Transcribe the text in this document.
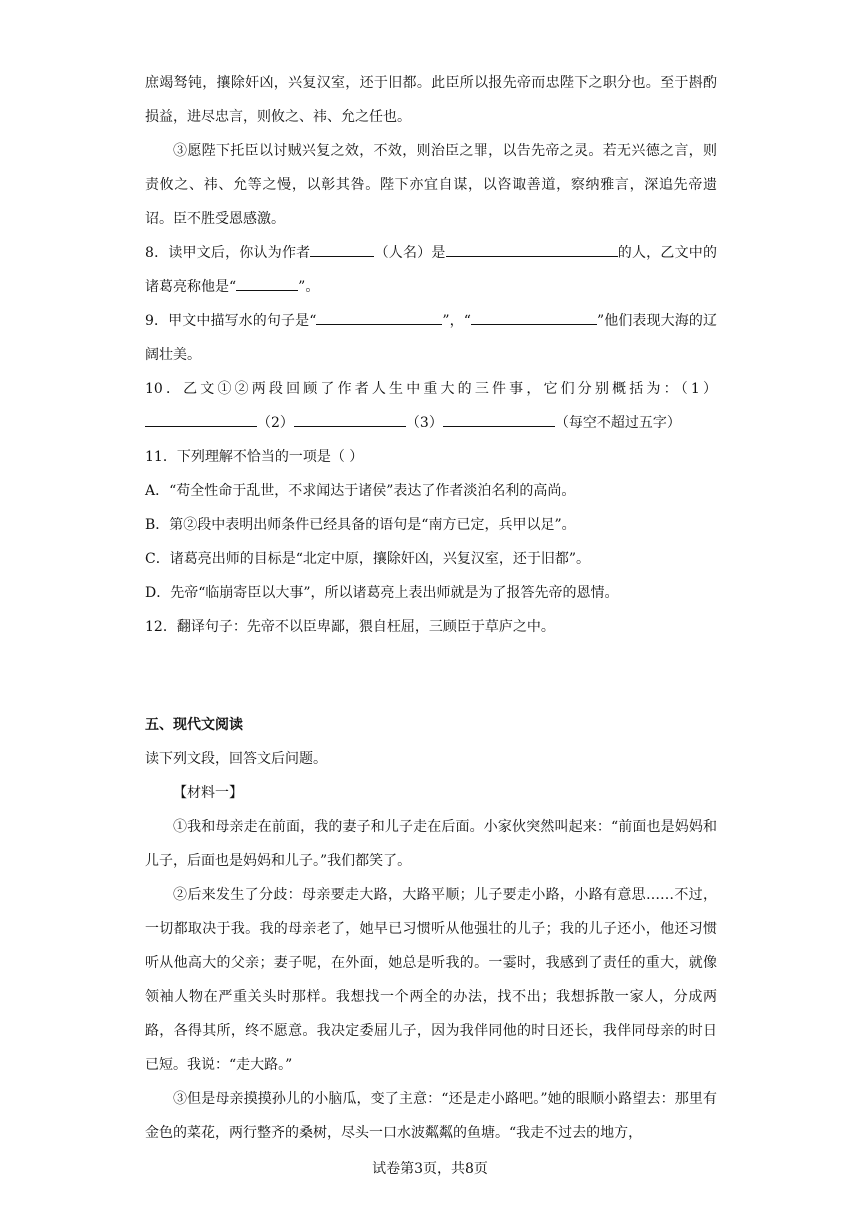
庶竭驽钝，攘除奸凶，兴复汉室，还于旧都。此臣所以报先帝而忠陛下之职分也。至于斟酌损益，进尽忠言，则攸之、祎、允之任也。

③愿陛下托臣以讨贼兴复之效，不效，则治臣之罪，以告先帝之灵。若无兴德之言，则责攸之、祎、允等之慢，以彰其咎。陛下亦宜自谋，以咨诹善道，察纳雅言，深追先帝遗诏。臣不胜受恩感激。

8．读甲文后，你认为作者	（人名）是	的人，乙文中的诸葛亮称他是“	”。

9．甲文中描写水的句子是“	”，“	”他们表现大海的辽阔壮美。

10．乙文①②两段回顾了作者人生中重大的三件事，它们分别概括为：（1）（2）	（3）	（每空不超过五字）

11．下列理解不恰当的一项是（ ）

A．“苟全性命于乱世，不求闻达于诸侯”表达了作者淡泊名利的高尚。

B．第②段中表明出师条件已经具备的语句是“南方已定，兵甲以足”。

C．诸葛亮出师的目标是“北定中原，攘除奸凶，兴复汉室，还于旧都”。

D．先帝“临崩寄臣以大事”，所以诸葛亮上表出师就是为了报答先帝的恩情。

12．翻译句子：先帝不以臣卑鄙，猥自枉屈，三顾臣于草庐之中。

五、现代文阅读

读下列文段，回答文后问题。

【材料一】

①我和母亲走在前面，我的妻子和儿子走在后面。小家伙突然叫起来：“前面也是妈妈和儿子，后面也是妈妈和儿子。”我们都笑了。

②后来发生了分歧：母亲要走大路，大路平顺；儿子要走小路，小路有意思……不过，一切都取决于我。我的母亲老了，她早已习惯听从他强壮的儿子；我的儿子还小，他还习惯听从他高大的父亲；妻子呢，在外面，她总是听我的。一霎时，我感到了责任的重大，就像领袖人物在严重关头时那样。我想找一个两全的办法，找不出；我想拆散一家人，分成两路，各得其所，终不愿意。我决定委屈儿子，因为我伴同他的时日还长，我伴同母亲的时日已短。我说：“走大路。”

③但是母亲摸摸孙儿的小脑瓜，变了主意：“还是走小路吧。”她的眼顺小路望去：那里有金色的菜花，两行整齐的桑树，尽头一口水波粼粼的鱼塘。“我走不过去的地方，

试卷第3页，共8页
